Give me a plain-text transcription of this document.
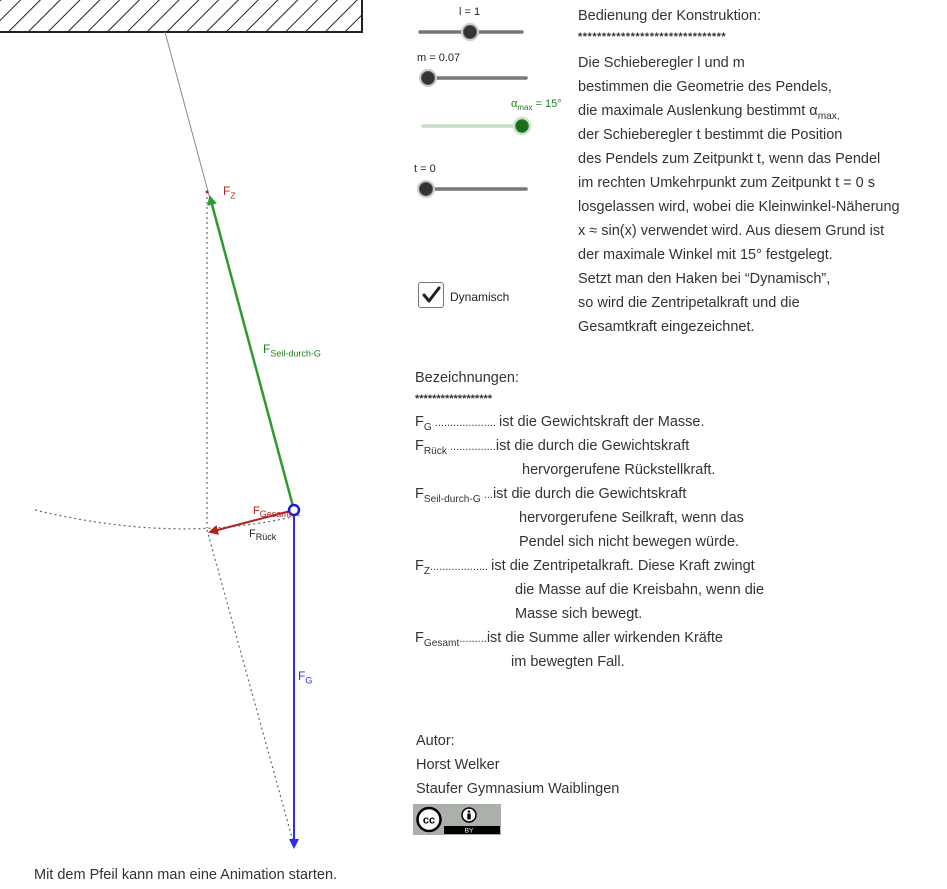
$F_Z$
$F_{Seil-durch-G}$
$F_{Gesamt}$
$F_{Rück}$
$F_G$
l = 1
m = 0.07
$\alpha_{max} = 15^\circ$
t = 0
Dynamisch
Bedienung der Konstruktion:
*******************************
Die Schieberegler l und m
bestimmen die Geometrie des Pendels,
die maximale Auslenkung bestimmt $\alpha_{max,}$
der Schieberegler t bestimmt die Position
des Pendels zum Zeitpunkt t, wenn das Pendel
im rechten Umkehrpunkt zum Zeitpunkt t = 0 s
losgelassen wird, wobei die Kleinwinkel-Näherung
x ≈ sin(x) verwendet wird. Aus diesem Grund ist
der maximale Winkel mit 15° festgelegt.
Setzt man den Haken bei “Dynamisch”,
so wird die Zentripetalkraft und die
Gesamtkraft eingezeichnet.
Bezeichnungen:
******************
$F_G$ .................... ist die Gewichtskraft der Masse.
$F_{Rück}$ ...............ist die durch die Gewichtskraft
hervorgerufene Rückstellkraft.
$F_{Seil-durch-G}$ ...ist die durch die Gewichtskraft
hervorgerufene Seilkraft, wenn das
Pendel sich nicht bewegen würde.
$F_Z$................... ist die Zentripetalkraft. Diese Kraft zwingt
die Masse auf die Kreisbahn, wenn die
Masse sich bewegt.
$F_{Gesamt}.........ist$ die Summe aller wirkenden Kräfte
im bewegten Fall.
Autor:
Horst Welker
Staufer Gymnasium Waiblingen
cc
BY
Mit dem Pfeil kann man eine Animation starten.
